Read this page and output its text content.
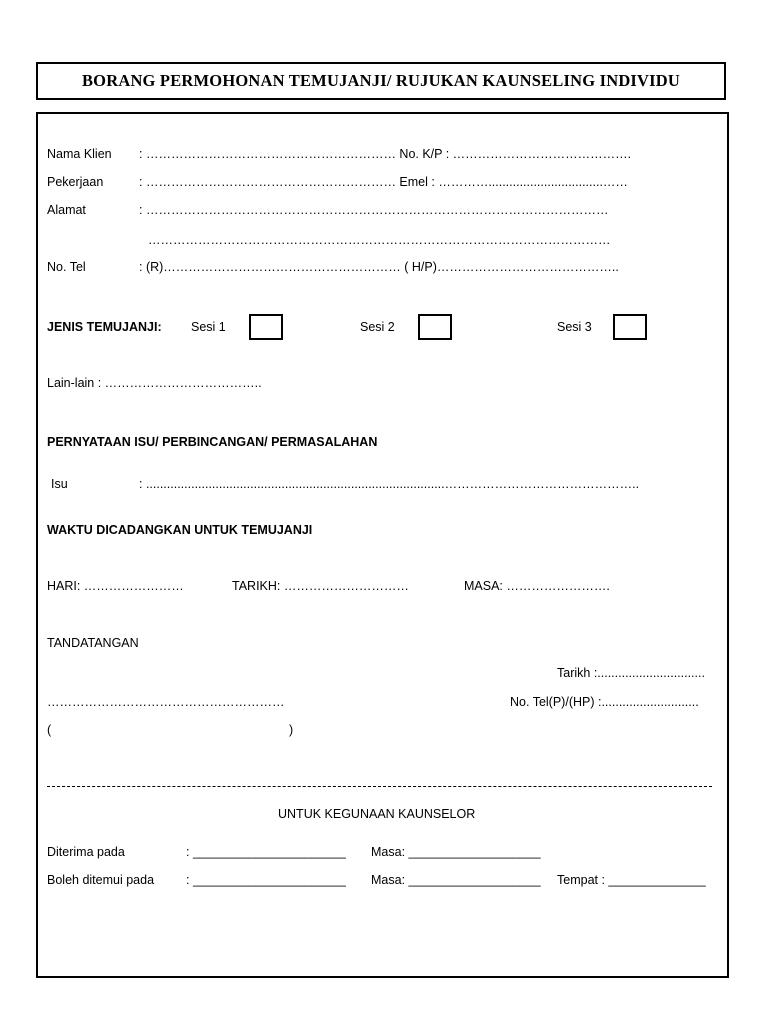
BORANG PERMOHONAN TEMUJANJI/ RUJUKAN KAUNSELING INDIVIDU
Nama Klien : …………………………………………………… No. K/P : …………………………………….
Pekerjaan	: …………………………………………………… Emel : ………….................................……
Alamat	: …………………………………………………………………………………………………
…………………………………………………………………………………………………
No. Tel	: (R)………………………………………………… ( H/P)……………………………………..
JENIS TEMUJANJI: Sesi 1	Sesi 2	Sesi 3
Lain-lain : ………………………………..
PERNYATAAN ISU/ PERBINCANGAN/ PERMASALAHAN
Isu	: ......................................................................................………………………………………..
WAKTU DICADANGKAN UNTUK TEMUJANJI
HARI: ……………………	TARIKH: …………………………	MASA: …………………….
TANDATANGAN
Tarikh :...............................
…………………………………………………	No. Tel(P)/(HP) :............................
(	)
UNTUK KEGUNAAN KAUNSELOR
Diterima pada	: ______________________ Masa: ___________________
Boleh ditemui pada	: ______________________ Masa: ___________________ Tempat : ______________
